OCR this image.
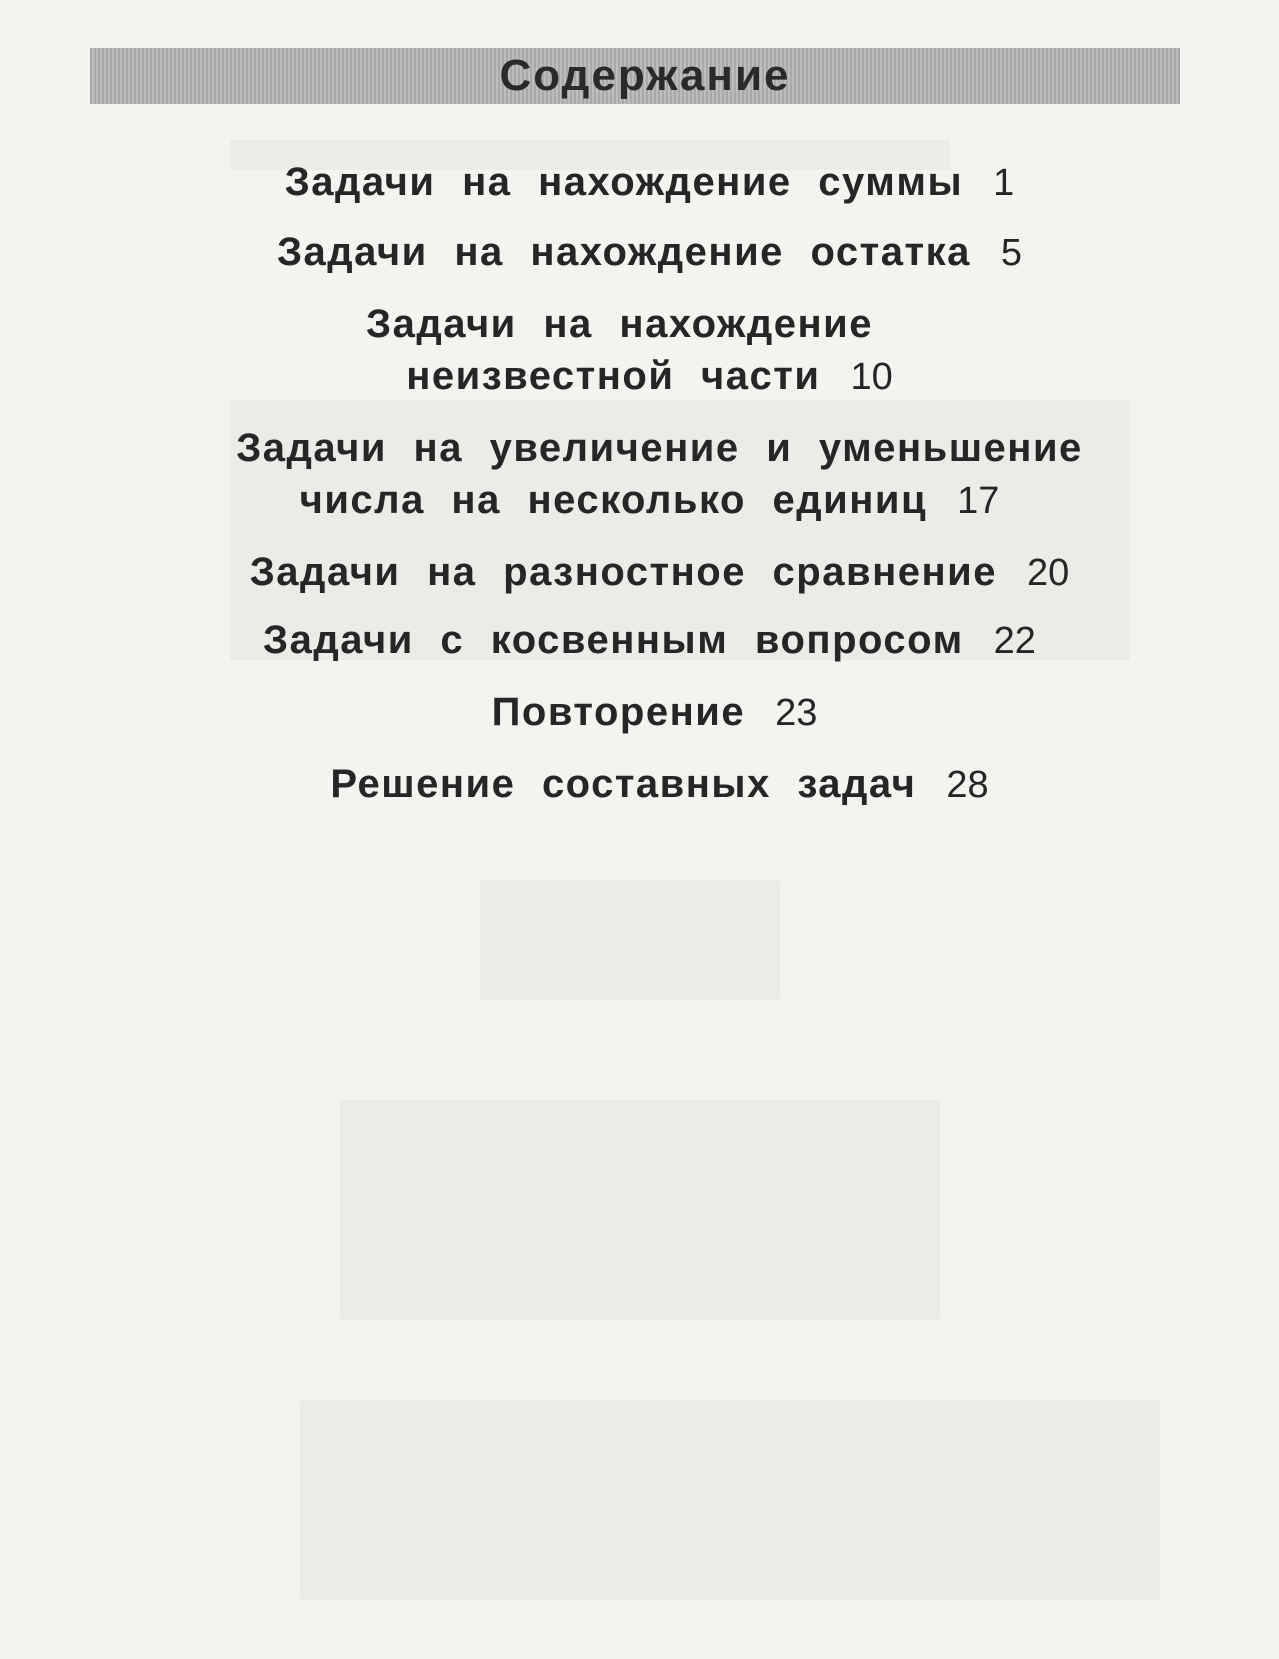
Содержание
Задачи на нахождение суммы 1
Задачи на нахождение остатка 5
Задачи на нахождение
неизвестной части 10
Задачи на увеличение и уменьшение
числа на несколько единиц 17
Задачи на разностное сравнение 20
Задачи с косвенным вопросом 22
Повторение 23
Решение составных задач 28
